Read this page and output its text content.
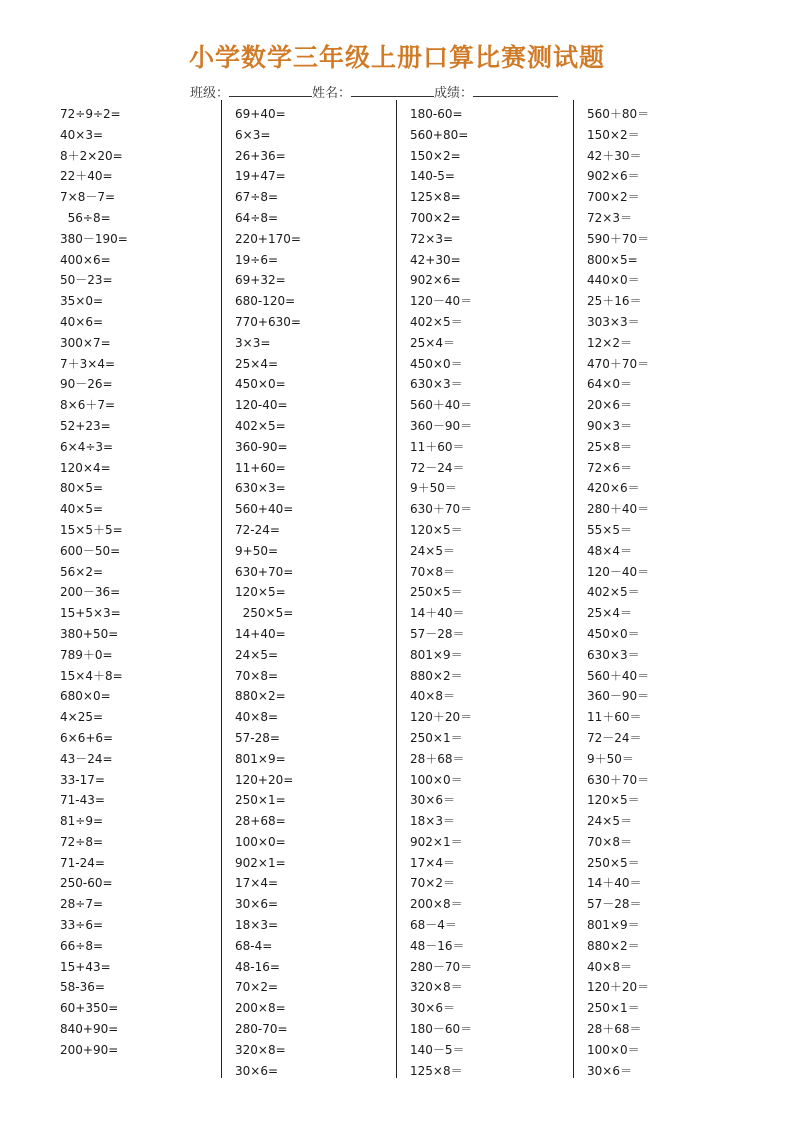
小学数学三年级上册口算比赛测试题
班级：	姓名：	成绩：
72÷9÷2=
40×3=
8＋2×20=
22＋40=
7×8－7=
56÷8=
380－190=
400×6=
50－23=
35×0=
40×6=
300×7=
7＋3×4=
90－26=
8×6＋7=
52+23=
6×4÷3=
120×4=
80×5=
40×5=
15×5＋5=
600－50=
56×2=
200－36=
15+5×3=
380+50=
789＋0=
15×4＋8=
680×0=
4×25=
6×6+6=
43－24=
33-17=
71-43=
81÷9=
72÷8=
71-24=
250-60=
28÷7=
33÷6=
66÷8=
15+43=
58-36=
60+350=
840+90=
200+90=
69+40=
6×3=
26+36=
19+47=
67÷8=
64÷8=
220+170=
19÷6=
69+32=
680-120=
770+630=
3×3=
25×4=
450×0=
120-40=
402×5=
360-90=
11+60=
630×3=
560+40=
72-24=
9+50=
630+70=
120×5=
250×5=
14+40=
24×5=
70×8=
880×2=
40×8=
57-28=
801×9=
120+20=
250×1=
28+68=
100×0=
902×1=
17×4=
30×6=
18×3=
68-4=
48-16=
70×2=
200×8=
280-70=
320×8=
30×6=
180-60=
560+80=
150×2=
140-5=
125×8=
700×2=
72×3=
42+30=
902×6=
120－40＝
402×5＝
25×4＝
450×0＝
630×3＝
560＋40＝
360－90＝
11＋60＝
72－24＝
9＋50＝
630＋70＝
120×5＝
24×5＝
70×8＝
250×5＝
14＋40＝
57－28＝
801×9＝
880×2＝
40×8＝
120＋20＝
250×1＝
28＋68＝
100×0＝
30×6＝
18×3＝
902×1＝
17×4＝
70×2＝
200×8＝
68－4＝
48－16＝
280－70＝
320×8＝
30×6＝
180－60＝
140－5＝
125×8＝
560＋80＝
150×2＝
42＋30＝
902×6＝
700×2＝
72×3＝
590＋70＝
800×5=
440×0＝
25＋16＝
303×3＝
12×2＝
470＋70＝
64×0＝
20×6＝
90×3＝
25×8＝
72×6＝
420×6＝
280＋40＝
55×5＝
48×4＝
120－40＝
402×5＝
25×4＝
450×0＝
630×3＝
560＋40＝
360－90＝
11＋60＝
72－24＝
9＋50＝
630＋70＝
120×5＝
24×5＝
70×8＝
250×5＝
14＋40＝
57－28＝
801×9＝
880×2＝
40×8＝
120＋20＝
250×1＝
28＋68＝
100×0＝
30×6＝
